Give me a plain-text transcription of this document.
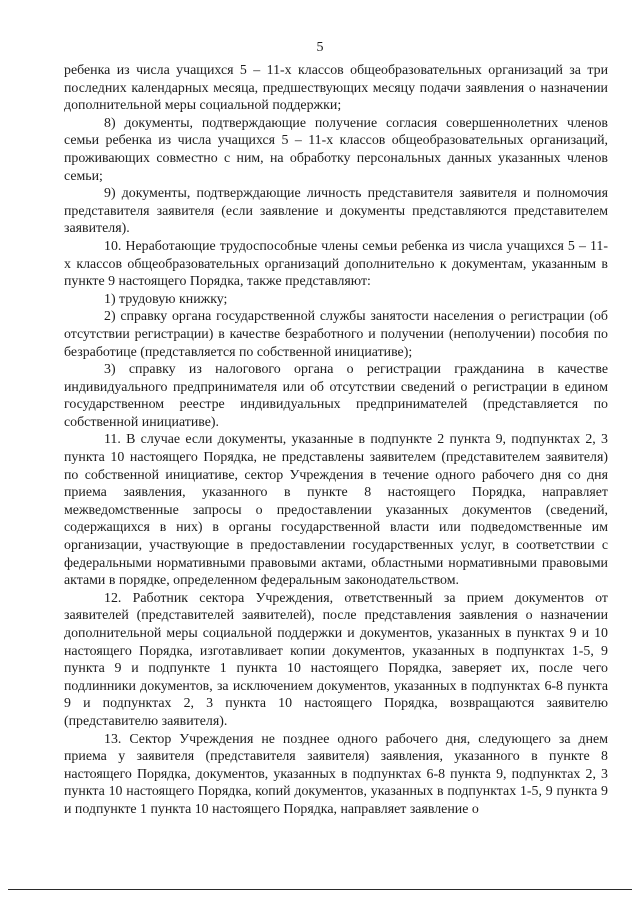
5

ребенка из числа учащихся 5 – 11-х классов общеобразовательных организаций за три последних календарных месяца, предшествующих месяцу подачи заявления о назначении дополнительной меры социальной поддержки;

8) документы, подтверждающие получение согласия совершеннолетних членов семьи ребенка из числа учащихся 5 – 11-х классов общеобразовательных организаций, проживающих совместно с ним, на обработку персональных данных указанных членов семьи;

9) документы, подтверждающие личность представителя заявителя и полномочия представителя заявителя (если заявление и документы представляются представителем заявителя).

10. Неработающие трудоспособные члены семьи ребенка из числа учащихся 5 – 11-х классов общеобразовательных организаций дополнительно к документам, указанным в пункте 9 настоящего Порядка, также представляют:

1) трудовую книжку;

2) справку органа государственной службы занятости населения о регистрации (об отсутствии регистрации) в качестве безработного и получении (неполучении) пособия по безработице (представляется по собственной инициативе);

3) справку из налогового органа о регистрации гражданина в качестве индивидуального предпринимателя или об отсутствии сведений о регистрации в едином государственном реестре индивидуальных предпринимателей (представляется по собственной инициативе).

11. В случае если документы, указанные в подпункте 2 пункта 9, подпунктах 2, 3 пункта 10 настоящего Порядка, не представлены заявителем (представителем заявителя) по собственной инициативе, сектор Учреждения в течение одного рабочего дня со дня приема заявления, указанного в пункте 8 настоящего Порядка, направляет межведомственные запросы о предоставлении указанных документов (сведений, содержащихся в них) в органы государственной власти или подведомственные им организации, участвующие в предоставлении государственных услуг, в соответствии с федеральными нормативными правовыми актами, областными нормативными правовыми актами в порядке, определенном федеральным законодательством.

12. Работник сектора Учреждения, ответственный за прием документов от заявителей (представителей заявителей), после представления заявления о назначении дополнительной меры социальной поддержки и документов, указанных в пунктах 9 и 10 настоящего Порядка, изготавливает копии документов, указанных в подпунктах 1-5, 9 пункта 9 и подпункте 1 пункта 10 настоящего Порядка, заверяет их, после чего подлинники документов, за исключением документов, указанных в подпунктах 6-8 пункта 9 и подпунктах 2, 3 пункта 10 настоящего Порядка, возвращаются заявителю (представителю заявителя).

13. Сектор Учреждения не позднее одного рабочего дня, следующего за днем приема у заявителя (представителя заявителя) заявления, указанного в пункте 8 настоящего Порядка, документов, указанных в подпунктах 6-8 пункта 9, подпунктах 2, 3 пункта 10 настоящего Порядка, копий документов, указанных в подпунктах 1-5, 9 пункта 9 и подпункте 1 пункта 10 настоящего Порядка, направляет заявление о
